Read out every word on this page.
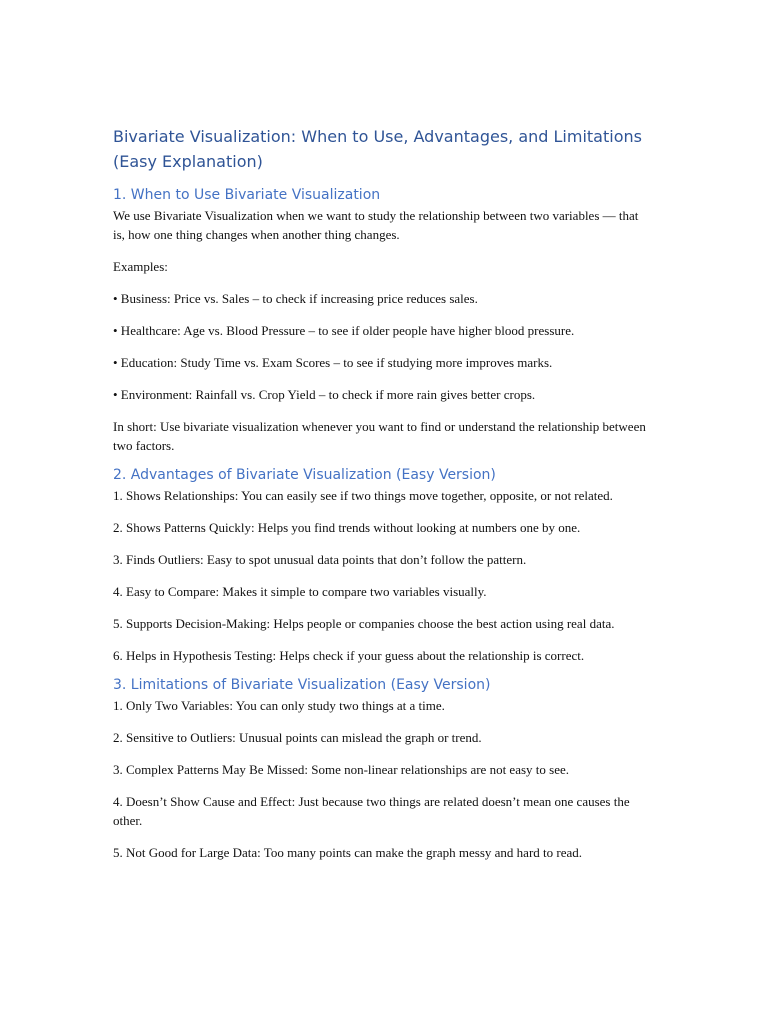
Bivariate Visualization: When to Use, Advantages, and Limitations (Easy Explanation)
1. When to Use Bivariate Visualization

We use Bivariate Visualization when we want to study the relationship between two variables — that is, how one thing changes when another thing changes.

Examples:

• Business: Price vs. Sales – to check if increasing price reduces sales.

• Healthcare: Age vs. Blood Pressure – to see if older people have higher blood pressure.

• Education: Study Time vs. Exam Scores – to see if studying more improves marks.

• Environment: Rainfall vs. Crop Yield – to check if more rain gives better crops.

In short: Use bivariate visualization whenever you want to find or understand the relationship between two factors.

2. Advantages of Bivariate Visualization (Easy Version)

1. Shows Relationships: You can easily see if two things move together, opposite, or not related.

2. Shows Patterns Quickly: Helps you find trends without looking at numbers one by one.

3. Finds Outliers: Easy to spot unusual data points that don’t follow the pattern.

4. Easy to Compare: Makes it simple to compare two variables visually.

5. Supports Decision-Making: Helps people or companies choose the best action using real data.

6. Helps in Hypothesis Testing: Helps check if your guess about the relationship is correct.

3. Limitations of Bivariate Visualization (Easy Version)

1. Only Two Variables: You can only study two things at a time.

2. Sensitive to Outliers: Unusual points can mislead the graph or trend.

3. Complex Patterns May Be Missed: Some non-linear relationships are not easy to see.

4. Doesn’t Show Cause and Effect: Just because two things are related doesn’t mean one causes the other.

5. Not Good for Large Data: Too many points can make the graph messy and hard to read.
